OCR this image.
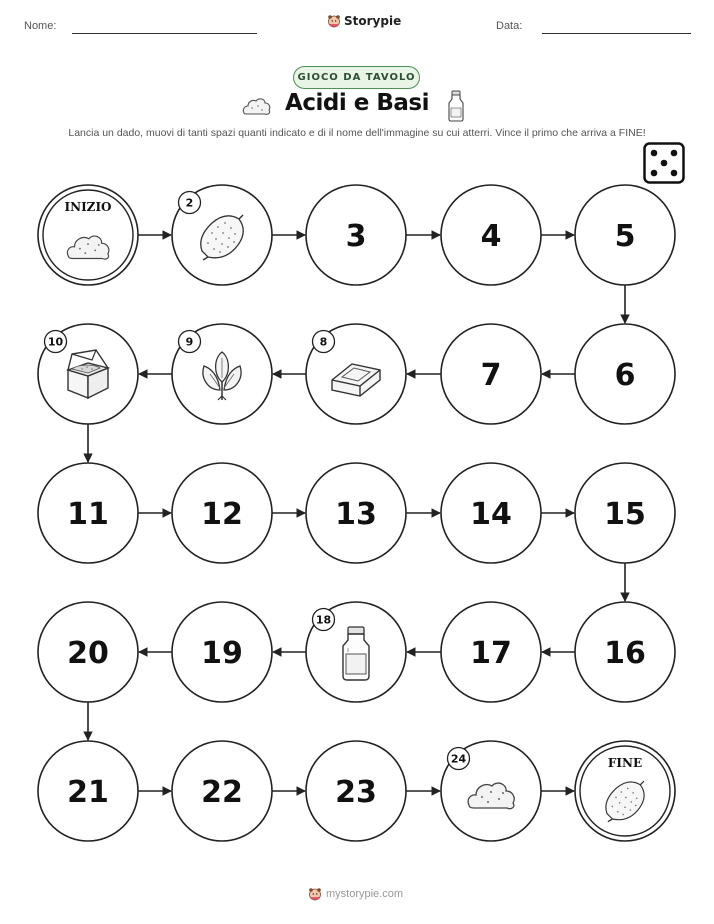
Nome:	Data:
Storypie
GIOCO DA TAVOLO
Acidi e Basi
Lancia un dado, muovi di tanti spazi quanti indicato e di il nome dell'immagine su cui atterri. Vince il primo che arriva a FINE!
INIZIO	2
3	4	5
6
7
8
9
10
11	12	13	14	15
16
17
18
19
20
21	22	23
24	FINE
mystorypie.com
